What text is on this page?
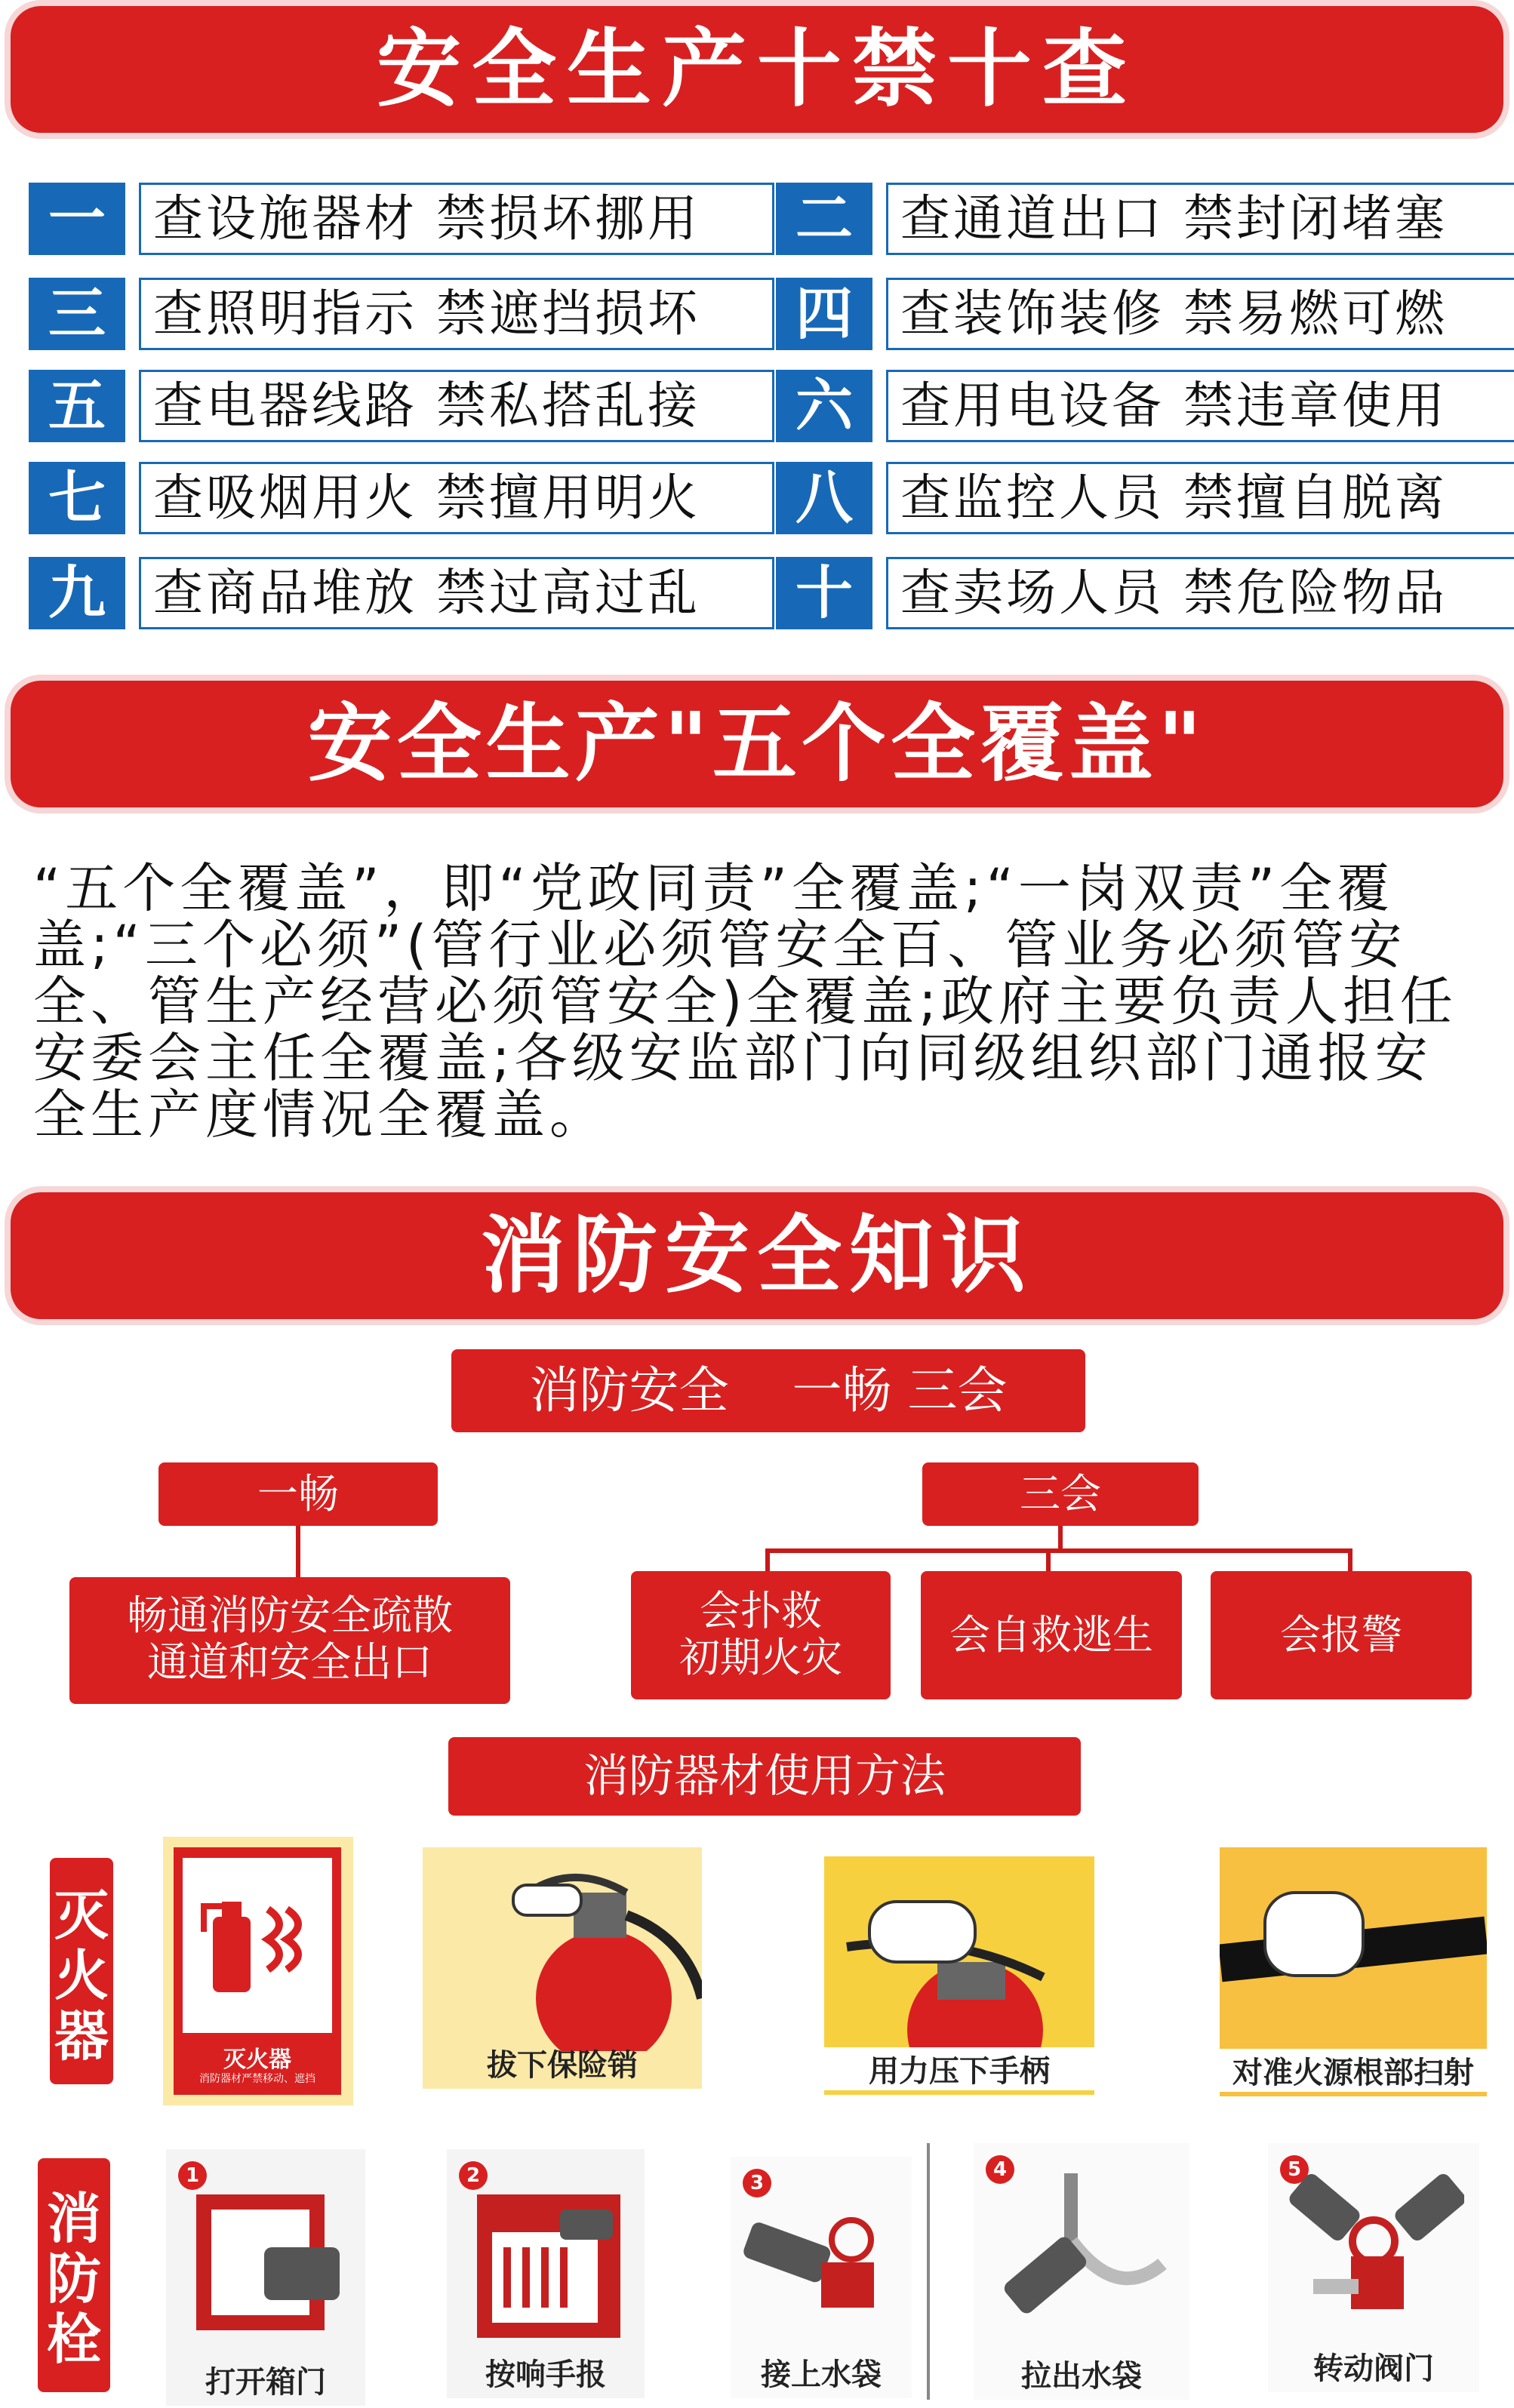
安全生产十禁十查
一 查设施器材 禁损坏挪用	二 查通道出口 禁封闭堵塞
三 查照明指示 禁遮挡损坏	四 查装饰装修 禁易燃可燃
五 查电器线路 禁私搭乱接	六 查用电设备 禁违章使用
七 查吸烟用火 禁擅用明火	八 查监控人员 禁擅自脱离
九 查商品堆放 禁过高过乱	十 查卖场人员 禁危险物品
安全生产"五个全覆盖"
“五个全覆盖”，即“党政同责”全覆盖;“一岗双责”全覆盖;“三个必须”(管行业必须管安全百、管业务必须管安全、管生产经营必须管安全)全覆盖;政府主要负责人担任安委会主任全覆盖;各级安监部门向同级组织部门通报安全生产度情况全覆盖。
消防安全知识
消防安全    一畅 三会
一畅	三会
畅通消防安全疏散
通道和安全出口
会扑救
初期火灾	会自救逃生	会报警
消防器材使用方法
灭
火
器	灭火器
消防器材严禁移动、遮挡	拔下保险销	用力压下手柄	对准火源根部扫射
消
防
栓
1
打开箱门
2
按响手报
3
接上水袋
4
拉出水袋
5
转动阀门
